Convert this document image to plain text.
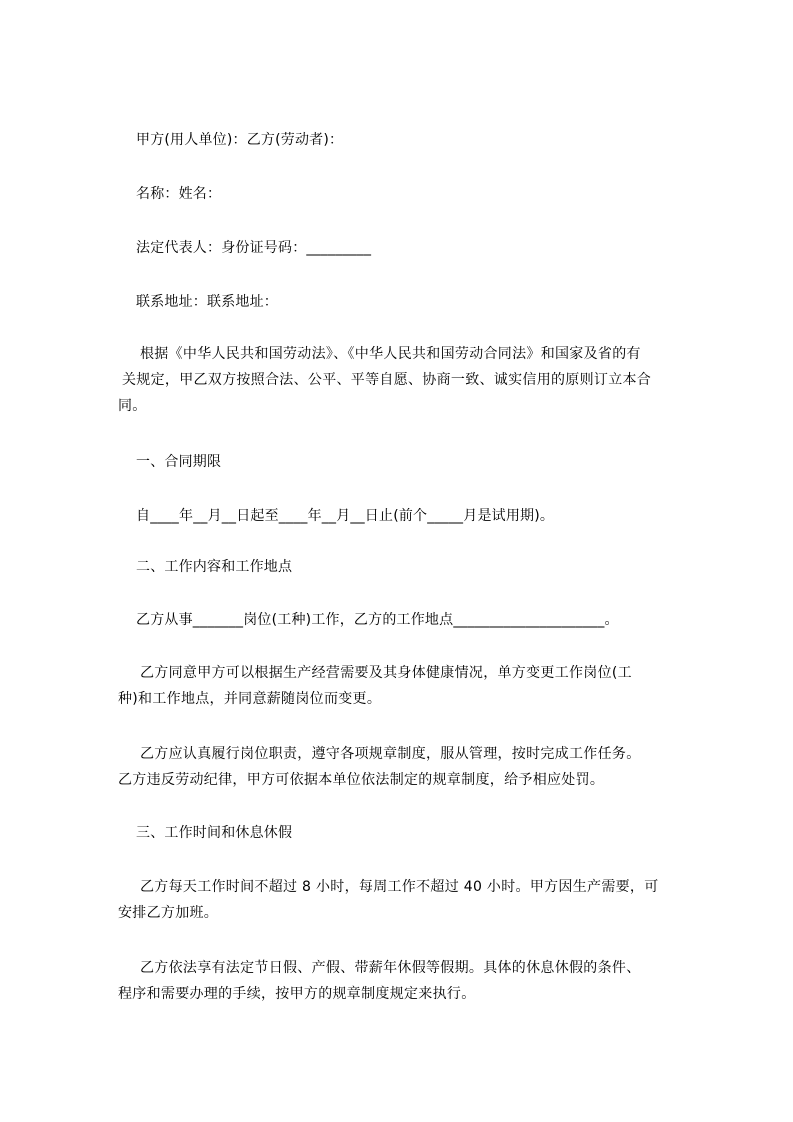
甲方(用人单位)：乙方(劳动者)：
名称：姓名：
法定代表人：身份证号码：_________
联系地址：联系地址：
根据《中华人民共和国劳动法》、《中华人民共和国劳动合同法》和国家及省的有
关规定，甲乙双方按照合法、公平、平等自愿、协商一致、诚实信用的原则订立本合
同。
一、合同期限
自____年__月__日起至____年__月__日止(前个_____月是试用期)。
二、工作内容和工作地点
乙方从事_______岗位(工种)工作，乙方的工作地点_____________________。
乙方同意甲方可以根据生产经营需要及其身体健康情况，单方变更工作岗位(工
种)和工作地点，并同意薪随岗位而变更。
乙方应认真履行岗位职责，遵守各项规章制度，服从管理，按时完成工作任务。
乙方违反劳动纪律，甲方可依据本单位依法制定的规章制度，给予相应处罚。
三、工作时间和休息休假
乙方每天工作时间不超过 8 小时，每周工作不超过 40 小时。甲方因生产需要，可
安排乙方加班。
乙方依法享有法定节日假、产假、带薪年休假等假期。具体的休息休假的条件、
程序和需要办理的手续，按甲方的规章制度规定来执行。
